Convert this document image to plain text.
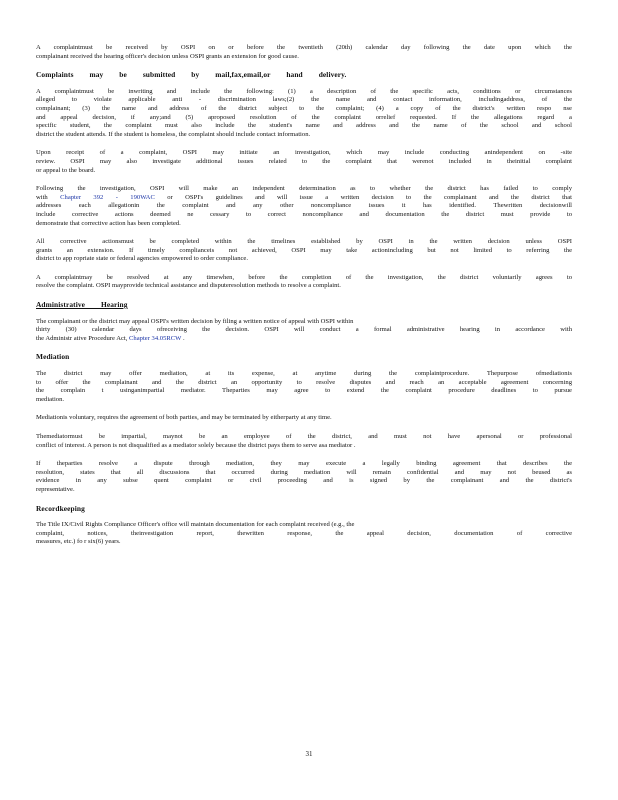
A complaintmust be received by OSPI on or before the twentieth (20th) calendar day following the date upon which the
complainant received the hearing officer's decision unless OSPI grants an extension for good cause.
Complaints may be submitted by mail,fax,email,or hand delivery.
A complaintmust be inwriting and include the following: (1) a description of the specific acts, conditions or circumstances
alleged to violate applicable anti - discrimination laws;(2) the name and contact information, includingaddress, of the
complainant; (3) the name and address of the district subject to the complaint; (4) a copy of the district's written respo nse
and appeal decision, if any;and (5) aproposed resolution of the complaint orrelief requested. If the allegations regard a
specific student, the complaint must also include the student's name and address and the name of the school and school
district the student attends. If the student is homeless, the complaint should include contact information.
Upon receipt of a complaint, OSPI may initiate an investigation, which may include conducting anindependent on -site
review. OSPI may also investigate additional issues related to the complaint that werenot included in theinitial complaint
or appeal to the board.
Following the investigation, OSPI will make an independent determination as to whether the district has failed to comply
with Chapter 392 - 190WAC or OSPI's guidelines and will issue a written decision to the complainant and the district that
addresses each allegationin the complaint and any other noncompliance issues it has identified. Thewritten decisionwill
include corrective actions deemed ne cessary to correct noncompliance and documentation the district must provide to
demonstrate that corrective action has been completed.
All corrective actionsmust be completed within the timelines established by OSPI in the written decision unless OSPI
grants an extension. If timely complianceis not achieved, OSPI may take actionincluding but not limited to referring the
district to app ropriate state or federal agencies empowered to order compliance.
A complaintmay be resolved at any timewhen, before the completion of the investigation, the district voluntarily agrees to
resolve the complaint. OSPI mayprovide technical assistance and disputeresolution methods to resolve a complaint.
Administrative Hearing
The complainant or the district may appeal OSPI's written decision by filing a written notice of appeal with OSPI within
thirty (30) calendar days ofreceiving the decision. OSPI will conduct a formal administrative hearing in accordance with
the Administr ative Procedure Act, Chapter 34.05RCW .
Mediation
The district may offer mediation, at its expense, at anytime during the complaintprocedure. Thepurpose ofmediationis
to offer the complainant and the district an opportunity to resolve disputes and reach an acceptable agreement concerning
the complain t usinganimpartial mediator. Theparties may agree to extend the complaint procedure deadlines to pursue
mediation.
Mediationis voluntary, requires the agreement of both parties, and may be terminated by eitherparty at any time.
Themediatormust be impartial, maynot be an employee of the district, and must not have apersonal or professional
conflict of interest. A person is not disqualified as a mediator solely because the district pays them to serve asa mediator .
If theparties resolve a dispute through mediation, they may execute a legally binding agreement that describes the
resolution, states that all discussions that occurred during mediation will remain confidential and may not beused as
evidence in any subse quent complaint or civil proceeding and is signed by the complainant and the district's
representative.
Recordkeeping
The Title IX/Civil Rights Compliance Officer's office will maintain documentation for each complaint received (e.g., the
complaint, notices, theinvestigation report, thewritten response, the appeal decision, documentation of corrective
measures, etc.) fo r six(6) years.
31
